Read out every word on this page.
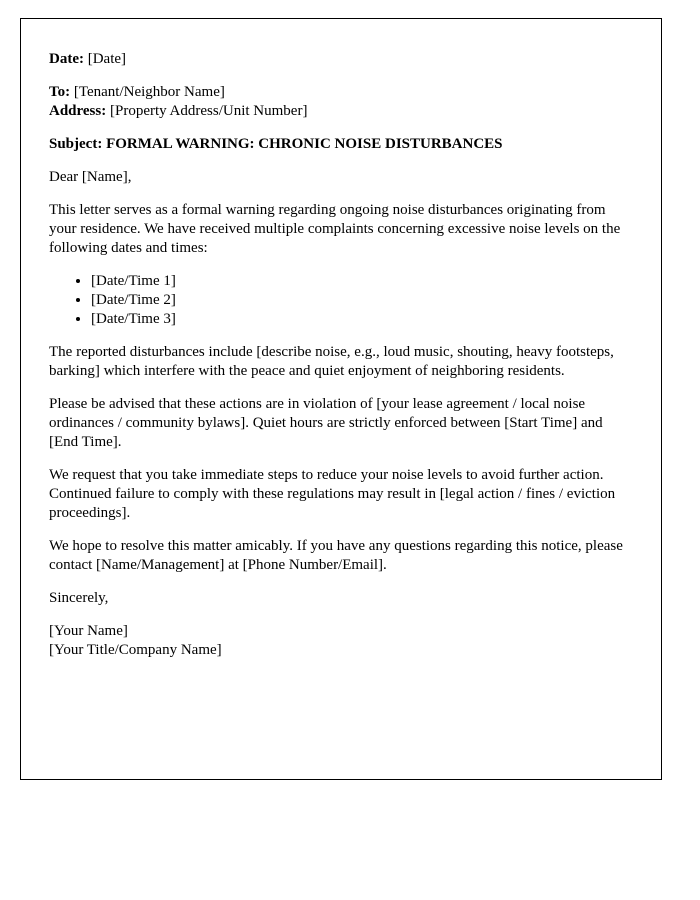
Date: [Date]

To: [Tenant/Neighbor Name]

Address: [Property Address/Unit Number]

Subject: FORMAL WARNING: CHRONIC NOISE DISTURBANCES

Dear [Name],

This letter serves as a formal warning regarding ongoing noise disturbances originating from your residence. We have received multiple complaints concerning excessive noise levels on the following dates and times:

• [Date/Time 1]
• [Date/Time 2]
• [Date/Time 3]

The reported disturbances include [describe noise, e.g., loud music, shouting, heavy footsteps, barking] which interfere with the peace and quiet enjoyment of neighboring residents.

Please be advised that these actions are in violation of [your lease agreement / local noise ordinances / community bylaws]. Quiet hours are strictly enforced between [Start Time] and [End Time].

We request that you take immediate steps to reduce your noise levels to avoid further action. Continued failure to comply with these regulations may result in [legal action / fines / eviction proceedings].

We hope to resolve this matter amicably. If you have any questions regarding this notice, please contact [Name/Management] at [Phone Number/Email].

Sincerely,

[Your Name]

[Your Title/Company Name]
